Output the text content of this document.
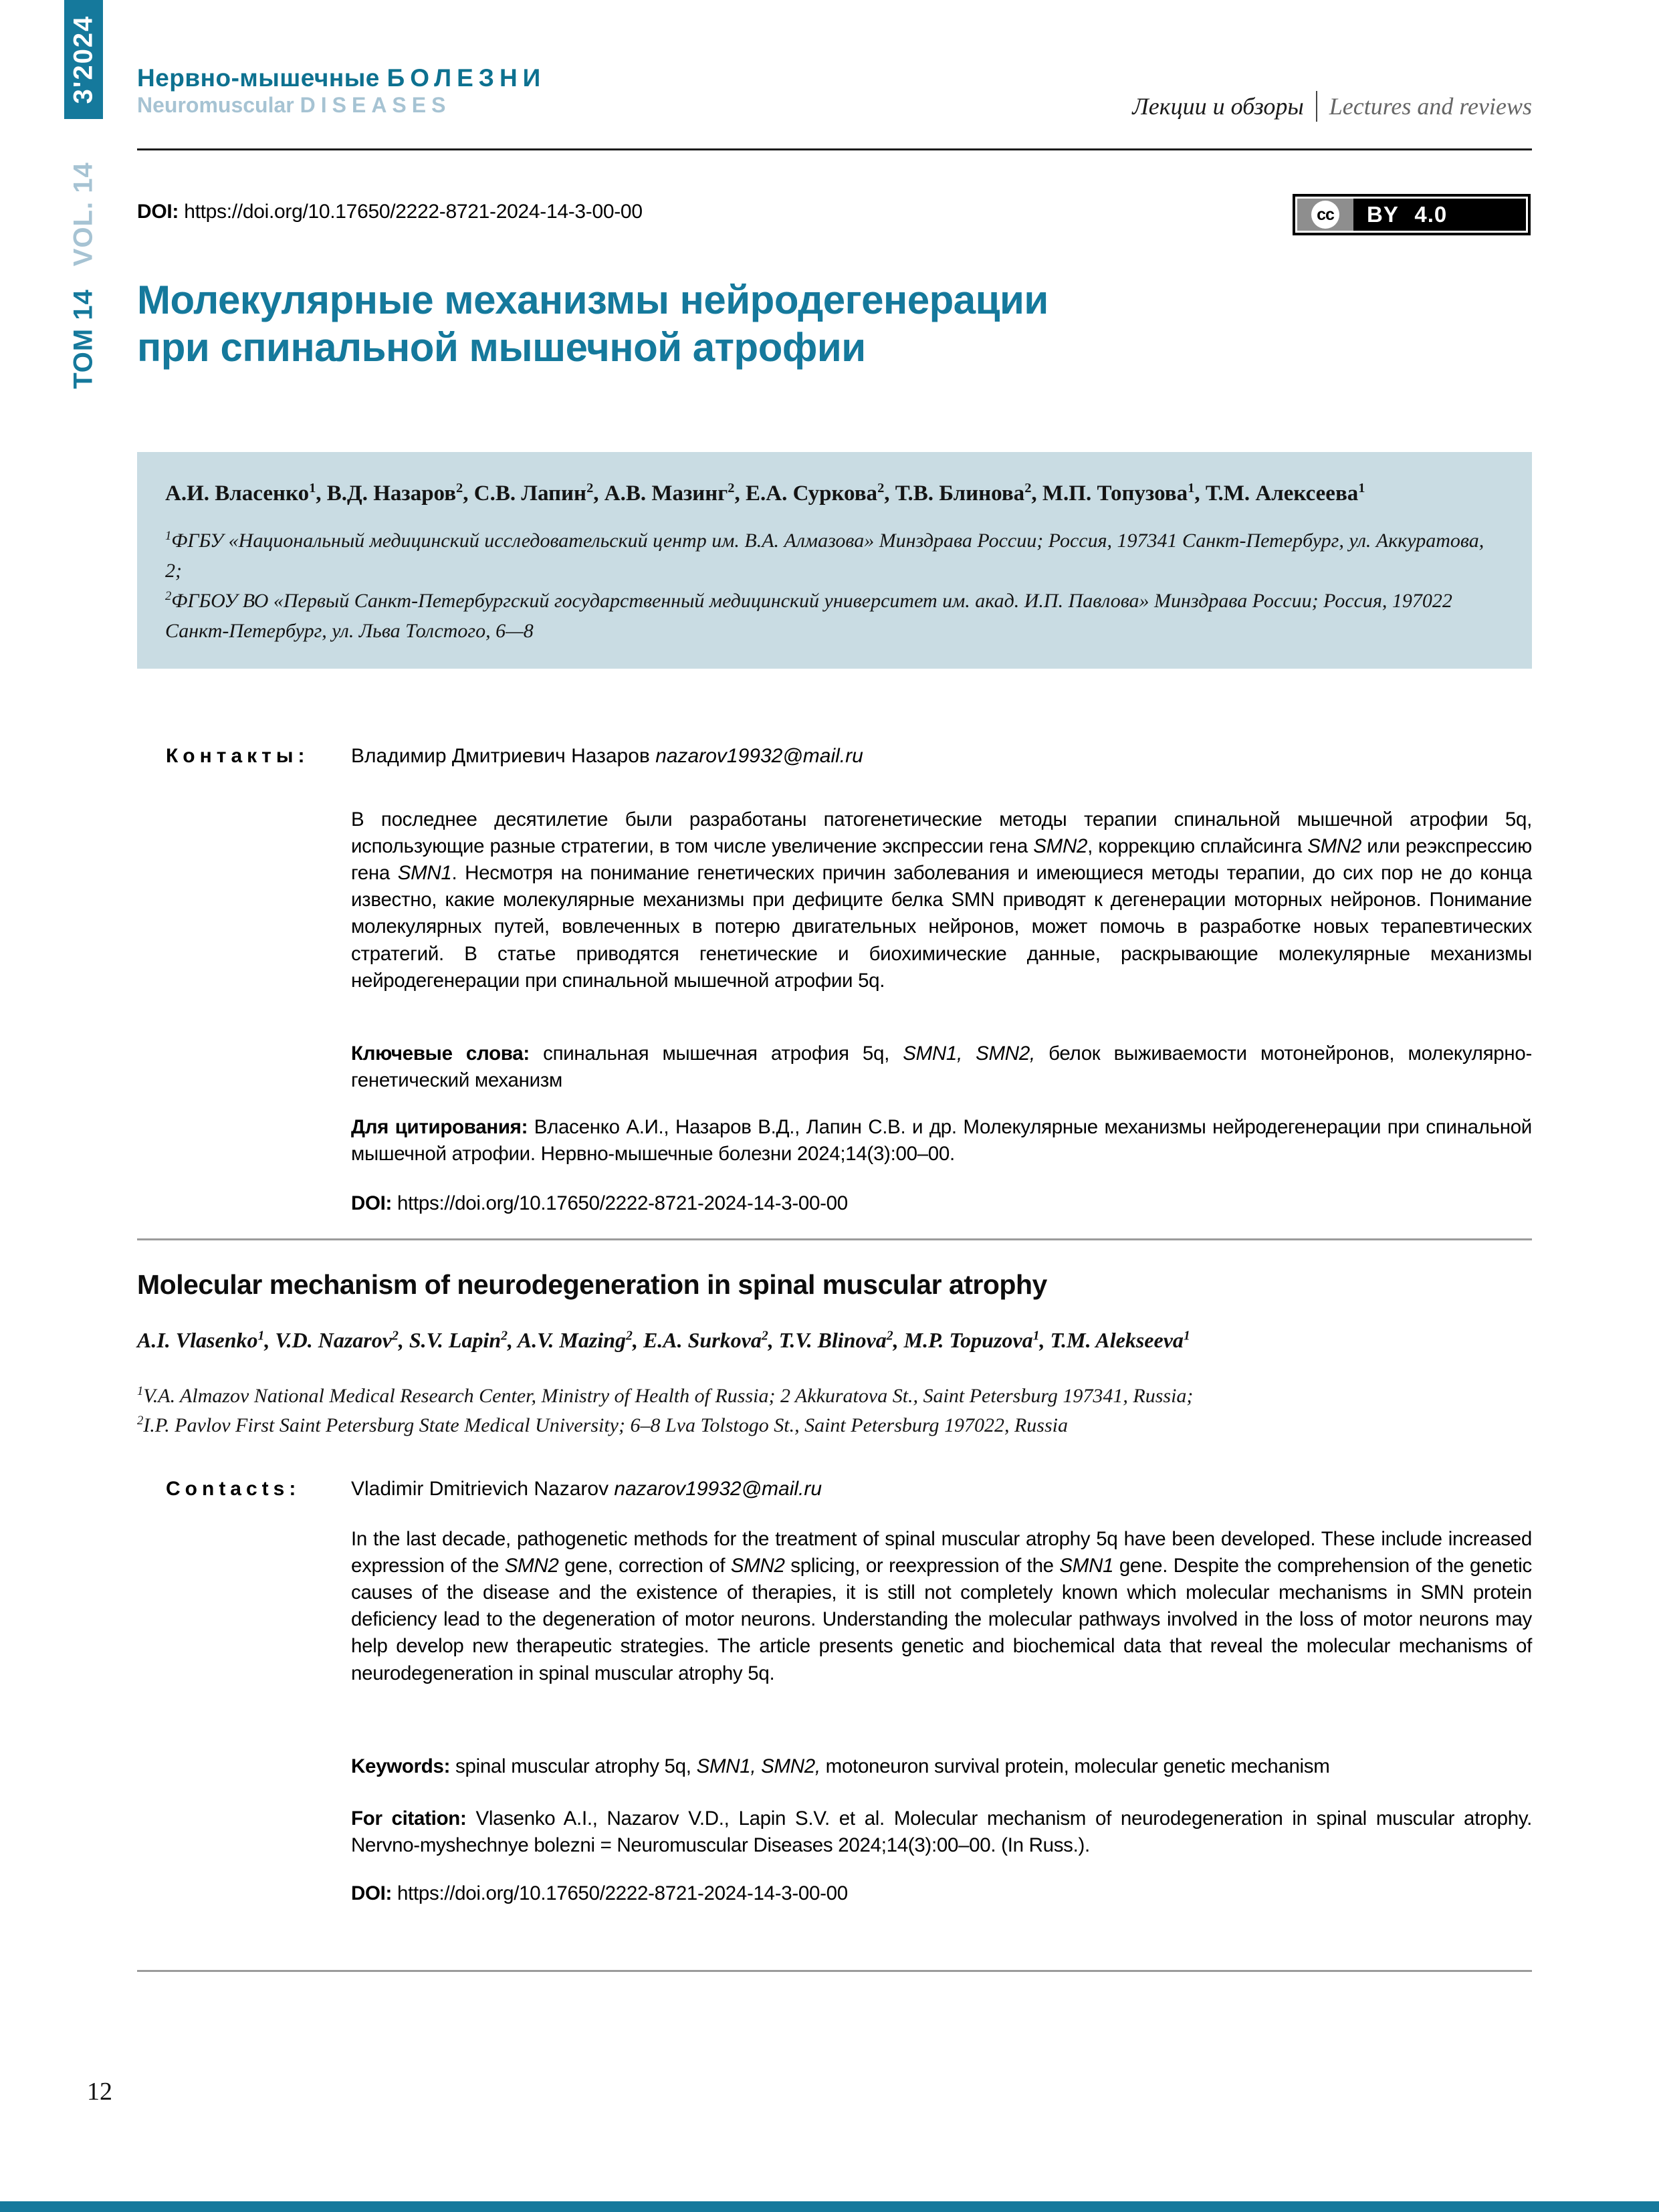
3'2024
ТОМ 14VOL. 14
Нервно-мышечные БОЛЕЗНИ
Neuromuscular DISEASES	Лекции и обзоры Lectures and reviews
DOI: https://doi.org/10.17650/2222-8721-2024-14-3-00-00	cc BY 4.0
Молекулярные механизмы нейродегенерации
при спинальной мышечной атрофии

А.И. Власенко$^1$, В.Д. Назаров$^2$, С.В. Лапин$^2$, А.В. Мазинг$^2$, Е.А. Суркова$^2$, Т.В. Блинова$^2$, М.П. Топузова$^1$, Т.М. Алексеева$^1$

$^1$ФГБУ «Национальный медицинский исследовательский центр им. В.А. Алмазова» Минздрава России; Россия, 197341 Санкт-Петербург, ул. Аккуратова, 2;

$^2$ФГБОУ ВО «Первый Санкт-Петербургский государственный медицинский университет им. акад. И.П. Павлова» Минздрава России; Россия, 197022 Санкт-Петербург, ул. Льва Толстого, 6—8

Контакты:	Владимир Дмитриевич Назаров nazarov19932@mail.ru

В последнее десятилетие были разработаны патогенетические методы терапии спинальной мышечной атрофии 5q, использующие разные стратегии, в том числе увеличение экспрессии гена SMN2, коррекцию сплайсинга SMN2 или реэкспрессию гена SMN1. Несмотря на понимание генетических причин заболевания и имеющиеся методы терапии, до сих пор не до конца известно, какие молекулярные механизмы при дефиците белка SMN приводят к дегенерации моторных нейронов. Понимание молекулярных путей, вовлеченных в потерю двигательных нейронов, может помочь в разработке новых терапевтических стратегий. В статье приводятся генетические и биохимические данные, раскрывающие молекулярные механизмы нейродегенерации при спинальной мышечной атрофии 5q.

Ключевые слова: спинальная мышечная атрофия 5q, SMN1, SMN2, белок выживаемости мотонейронов, молекулярно-генетический механизм

Для цитирования: Власенко А.И., Назаров В.Д., Лапин С.В. и др. Молекулярные механизмы нейродегенерации при спинальной мышечной атрофии. Нервно-мышечные болезни 2024;14(3):00–00.

DOI: https://doi.org/10.17650/2222-8721-2024-14-3-00-00

Molecular mechanism of neurodegeneration in spinal muscular atrophy

A.I. Vlasenko$^1$, V.D. Nazarov$^2$, S.V. Lapin$^2$, A.V. Mazing$^2$, E.A. Surkova$^2$, T.V. Blinova$^2$, M.P. Topuzova$^1$, T.M. Alekseeva$^1$

$^1$V.A. Almazov National Medical Research Center, Ministry of Health of Russia; 2 Akkuratova St., Saint Petersburg 197341, Russia;

$^2$I.P. Pavlov First Saint Petersburg State Medical University; 6–8 Lva Tolstogo St., Saint Petersburg 197022, Russia

Contacts:	Vladimir Dmitrievich Nazarov nazarov19932@mail.ru

In the last decade, pathogenetic methods for the treatment of spinal muscular atrophy 5q have been developed. These include increased expression of the SMN2 gene, correction of SMN2 splicing, or reexpression of the SMN1 gene. Despite the comprehension of the genetic causes of the disease and the existence of therapies, it is still not completely known which molecular mechanisms in SMN protein deficiency lead to the degeneration of motor neurons. Understanding the molecular pathways involved in the loss of motor neurons may help develop new therapeutic strategies. The article presents genetic and biochemical data that reveal the molecular mechanisms of neurodegeneration in spinal muscular atrophy 5q.

Keywords: spinal muscular atrophy 5q, SMN1, SMN2, motoneuron survival protein, molecular genetic mechanism

For citation: Vlasenko A.I., Nazarov V.D., Lapin S.V. et al. Molecular mechanism of neurodegeneration in spinal muscular atrophy. Nervno-myshechnye bolezni = Neuromuscular Diseases 2024;14(3):00–00. (In Russ.).

DOI: https://doi.org/10.17650/2222-8721-2024-14-3-00-00

12
